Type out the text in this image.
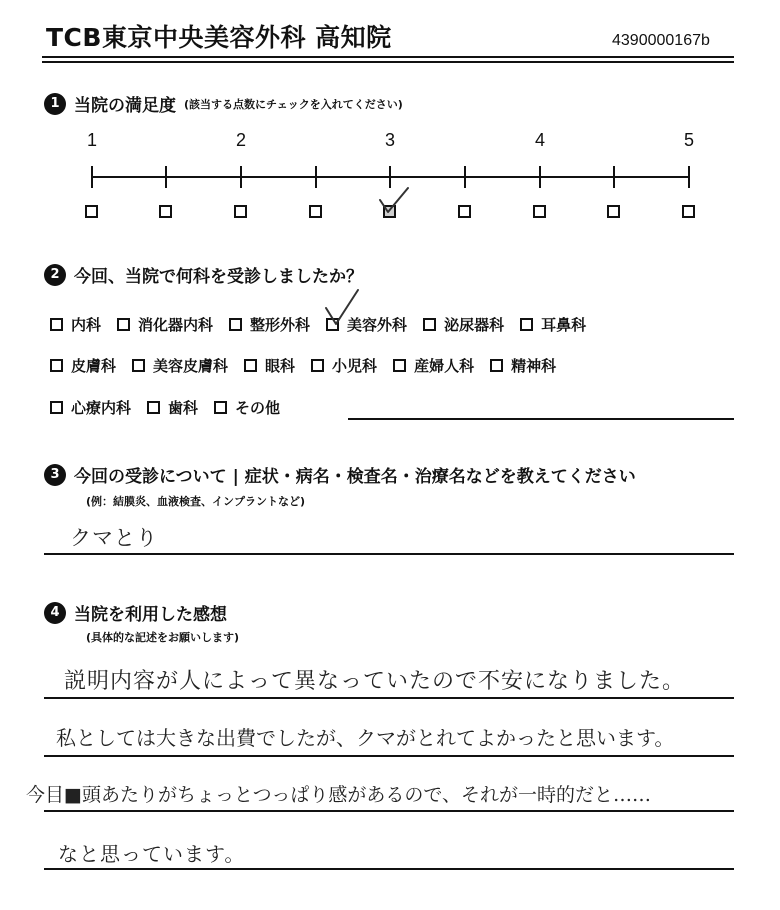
TCB東京中央美容外科 高知院	4390000167b
1 当院の満足度 (該当する点数にチェックを入れてください)
1	2	3	4	5
2 今回、当院で何科を受診しましたか？
内科 消化器内科 整形外科 美容外科 泌尿器科 耳鼻科
皮膚科 美容皮膚科 眼科 小児科 産婦人科 精神科
心療内科 歯科 その他
3 今回の受診について | 症状・病名・検査名・治療名などを教えてください
(例：結膜炎、血液検査、インプラントなど)
クマとり
4 当院を利用した感想
(具体的な記述をお願いします)
説明内容が人によって異なっていたので不安になりました。
私としては大きな出費でしたが、クマがとれてよかったと思います。
今目■頭あたりがちょっとつっぱり感があるので、それが一時的だと……
なと思っています。
